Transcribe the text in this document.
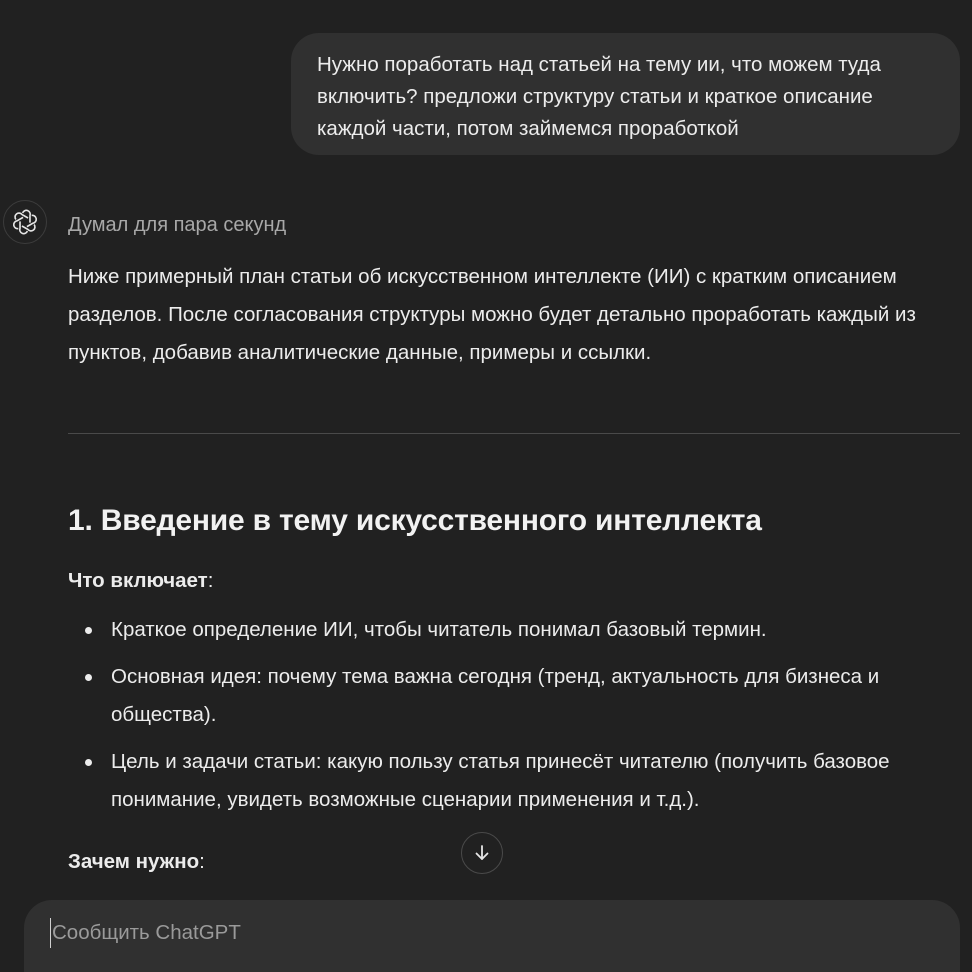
Нужно поработать над статьей на тему ии, что можем туда включить? предложи структуру статьи и краткое описание каждой части, потом займемся проработкой
Думал для пара секунд

Ниже примерный план статьи об искусственном интеллекте (ИИ) с кратким описанием разделов. После согласования структуры можно будет детально проработать каждый из пунктов, добавив аналитические данные, примеры и ссылки.

1. Введение в тему искусственного интеллекта
Что включает:
Краткое определение ИИ, чтобы читатель понимал базовый термин.
Основная идея: почему тема важна сегодня (тренд, актуальность для бизнеса и общества).
Цель и задачи статьи: какую пользу статья принесёт читателю (получить базовое понимание, увидеть возможные сценарии применения и т.д.).
Зачем нужно:
Сообщить ChatGPT
